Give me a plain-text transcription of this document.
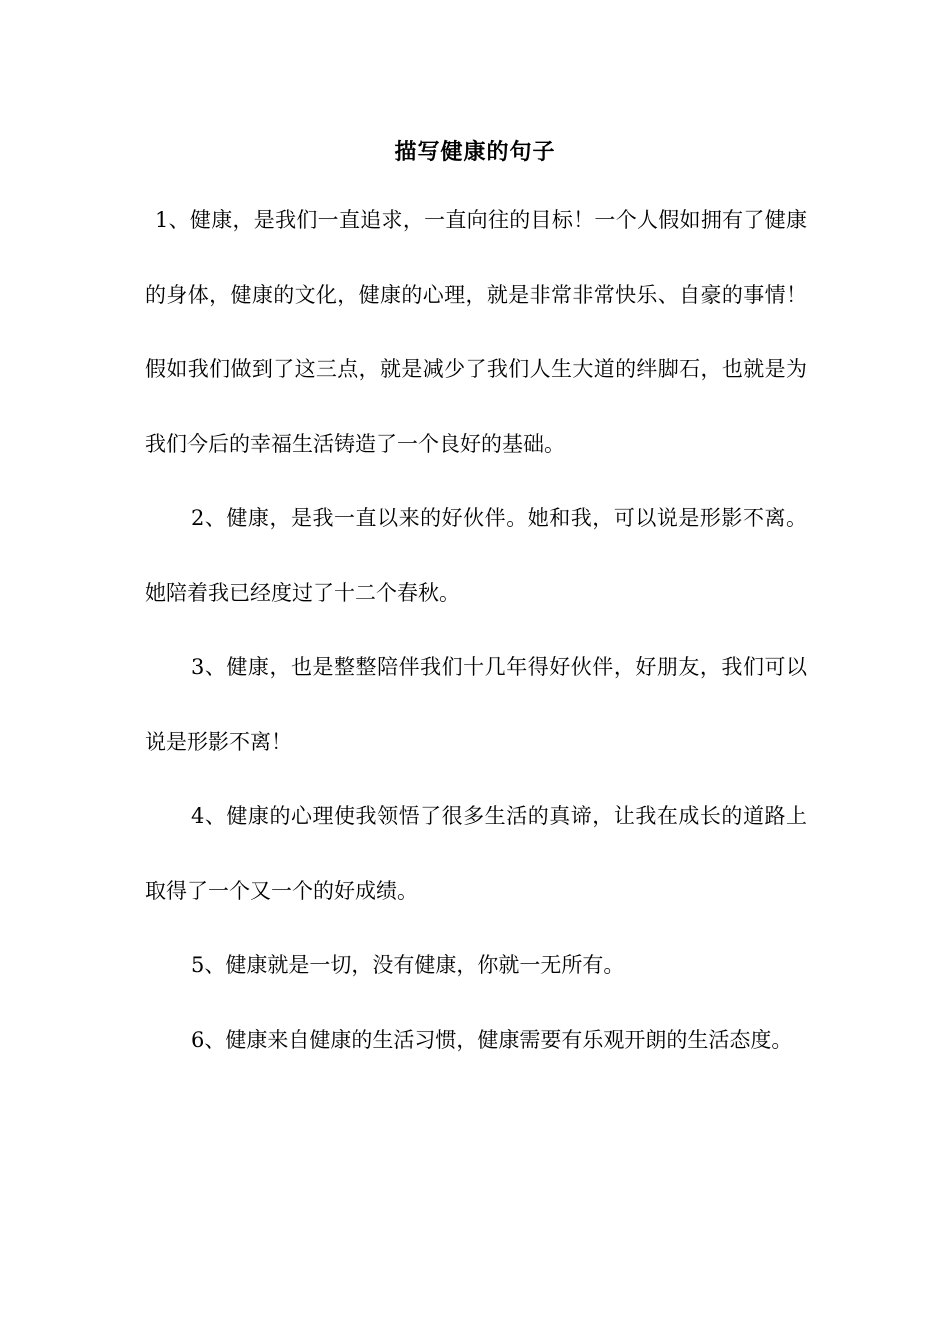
描写健康的句子

1、健康，是我们一直追求，一直向往的目标！一个人假如拥有了健康的身体，健康的文化，健康的心理，就是非常非常快乐、自豪的事情！假如我们做到了这三点，就是减少了我们人生大道的绊脚石，也就是为我们今后的幸福生活铸造了一个良好的基础。

2、健康，是我一直以来的好伙伴。她和我，可以说是形影不离。她陪着我已经度过了十二个春秋。

3、健康，也是整整陪伴我们十几年得好伙伴，好朋友，我们可以说是形影不离！

4、健康的心理使我领悟了很多生活的真谛，让我在成长的道路上取得了一个又一个的好成绩。

5、健康就是一切，没有健康，你就一无所有。

6、健康来自健康的生活习惯，健康需要有乐观开朗的生活态度。
